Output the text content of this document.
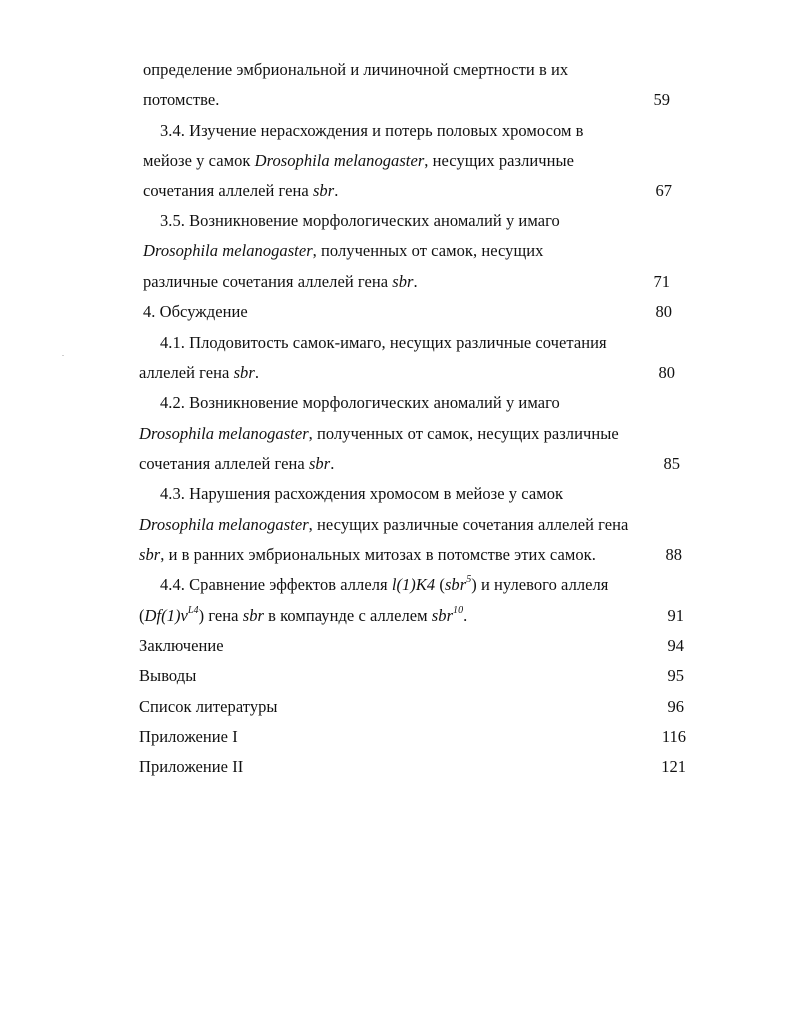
определение эмбриональной и личиночной смертности в их
потомстве.	59
3.4. Изучение нерасхождения и потерь половых хромосом в
мейозе у самок Drosophila melanogaster, несущих различные
сочетания аллелей гена sbr.	67
3.5. Возникновение морфологических аномалий у имаго
Drosophila melanogaster, полученных от самок, несущих
различные сочетания аллелей гена sbr.	71
4. Обсуждение	80
4.1. Плодовитость самок-имаго, несущих различные сочетания
аллелей гена sbr.	80
4.2. Возникновение морфологических аномалий у имаго
Drosophila melanogaster, полученных от самок, несущих различные
сочетания аллелей гена sbr.	85
4.3. Нарушения расхождения хромосом в мейозе у самок
Drosophila melanogaster, несущих различные сочетания аллелей гена
sbr, и в ранних эмбриональных митозах в потомстве этих самок.	88
4.4. Сравнение эффектов аллеля l(1)K4 (sbr$^5$) и нулевого аллеля
$(Df(1)v^{L4})$ гена sbr в компаунде с аллелем sbr$^{10}$.	91
Заключение	94
Выводы	95
Список литературы	96
Приложение I	116
Приложение II	121
